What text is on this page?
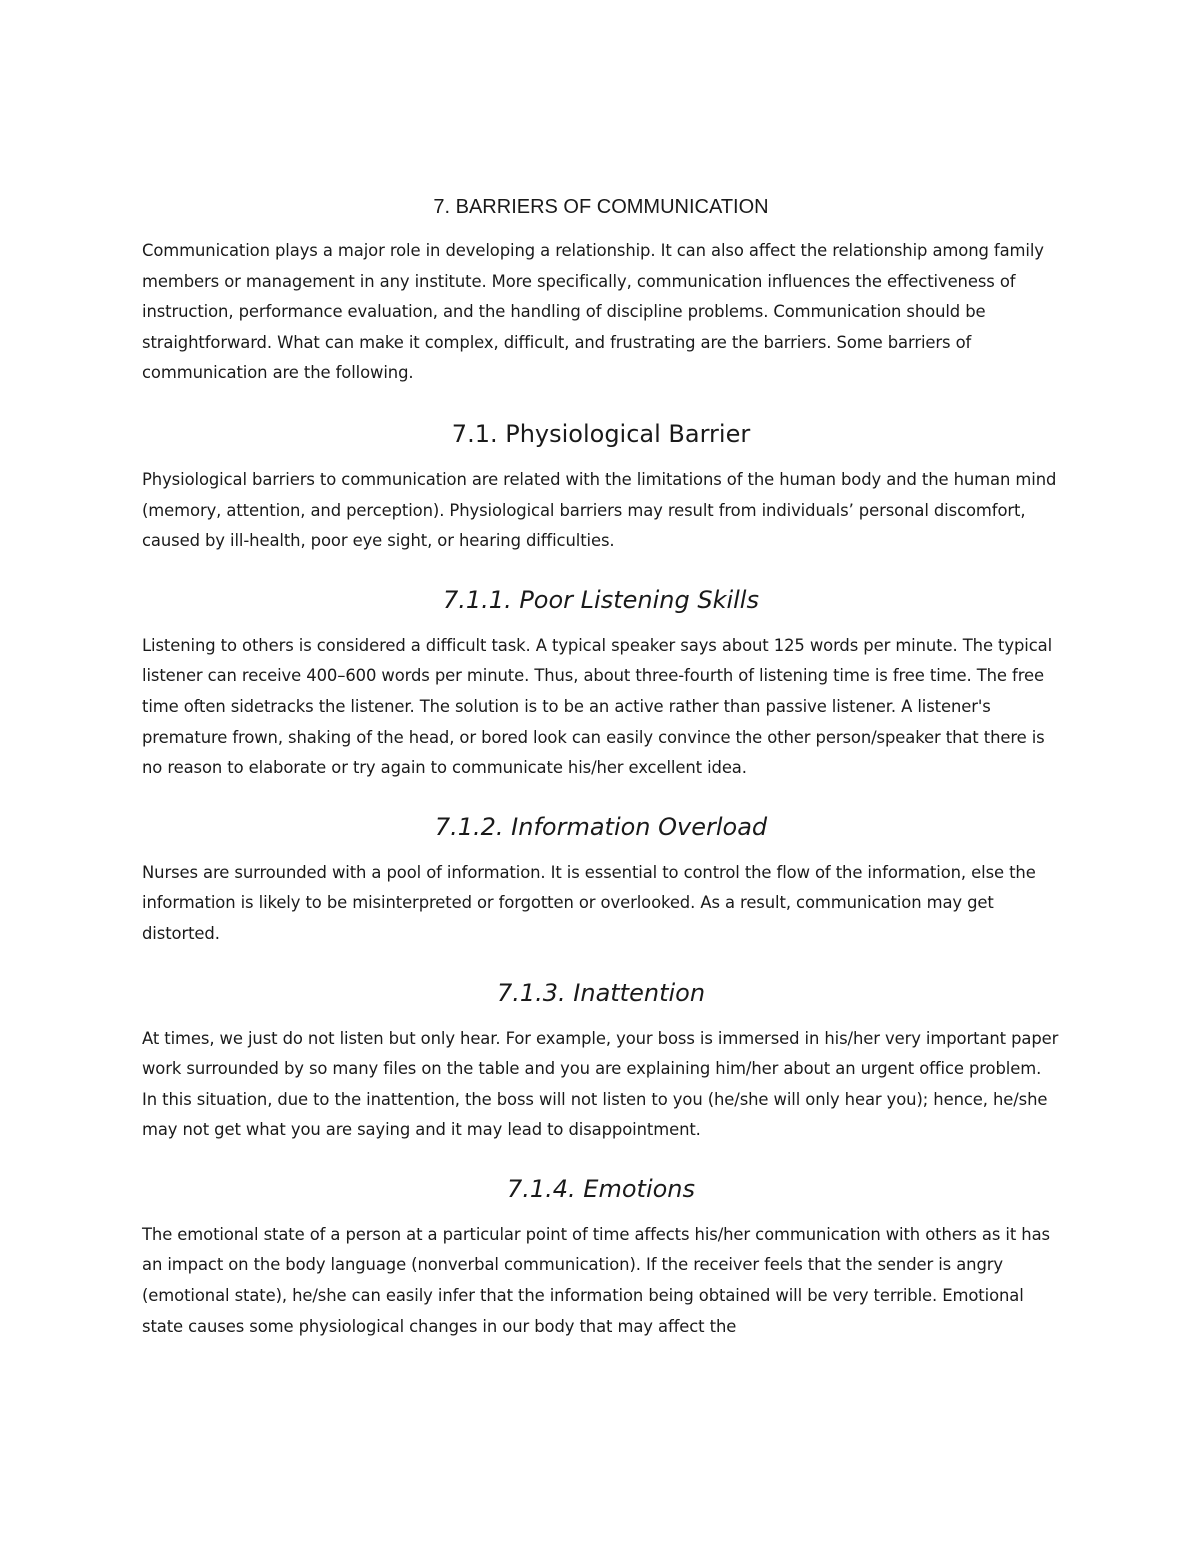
7. BARRIERS OF COMMUNICATION

Communication plays a major role in developing a relationship. It can also affect the relationship among family members or management in any institute. More specifically, communication influences the effectiveness of instruction, performance evaluation, and the handling of discipline problems. Communication should be straightforward. What can make it complex, difficult, and frustrating are the barriers. Some barriers of communication are the following.

7.1. Physiological Barrier

Physiological barriers to communication are related with the limitations of the human body and the human mind (memory, attention, and perception). Physiological barriers may result from individuals’ personal discomfort, caused by ill-health, poor eye sight, or hearing difficulties.

7.1.1. Poor Listening Skills

Listening to others is considered a difficult task. A typical speaker says about 125 words per minute. The typical listener can receive 400–600 words per minute. Thus, about three-fourth of listening time is free time. The free time often sidetracks the listener. The solution is to be an active rather than passive listener. A listener's premature frown, shaking of the head, or bored look can easily convince the other person/speaker that there is no reason to elaborate or try again to communicate his/her excellent idea.

7.1.2. Information Overload

Nurses are surrounded with a pool of information. It is essential to control the flow of the information, else the information is likely to be misinterpreted or forgotten or overlooked. As a result, communication may get distorted.

7.1.3. Inattention

At times, we just do not listen but only hear. For example, your boss is immersed in his/her very important paper work surrounded by so many files on the table and you are explaining him/her about an urgent office problem. In this situation, due to the inattention, the boss will not listen to you (he/she will only hear you); hence, he/she may not get what you are saying and it may lead to disappointment.

7.1.4. Emotions

The emotional state of a person at a particular point of time affects his/her communication with others as it has an impact on the body language (nonverbal communication). If the receiver feels that the sender is angry (emotional state), he/she can easily infer that the information being obtained will be very terrible. Emotional state causes some physiological changes in our body that may affect the
